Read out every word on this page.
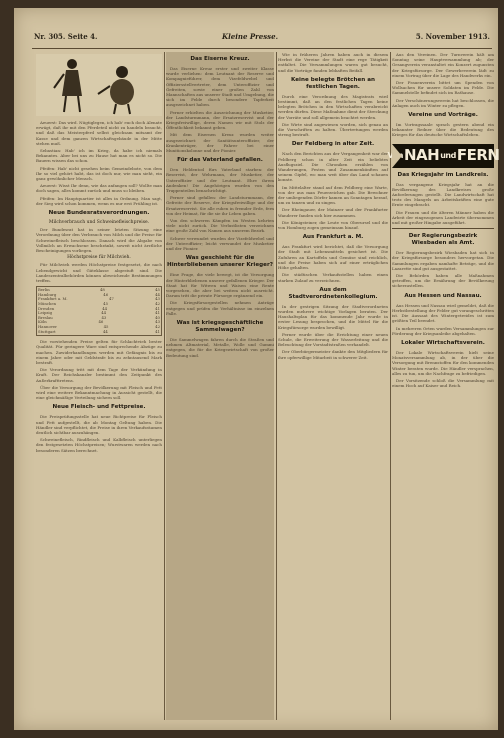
Nr. 305. Seite 4.	Kleine Presse.	5. November 1913.

Aeuerst: Das wird. Nügtiglegen, ich hab' euch doch Alenate erwägt, daß ihr mit den Pferdeteil nicht zu handeln braucht, und daß das Meisterpferd selbst gleichsam mitsamt der Kasse und dem ganzen Wirtschaftsgebäude in der Mitte stehen muß.

Sebastian: Hab' ich im Krieg, da habe ich niemals Bekanntes. Aber bei uns zu Hause hat man es nicht so. Die Bauern wissen das schon.

Pfeifen: Hab' nicht gesehen beim Gemeindebote, von dem Ihr so viel gehört habt, das ist doch nur, wie man sieht, ein ganz gewöhnlicher Mensch.

Aeuerst: Wisst Ihr denn, wie das anfangen soll? Wollte man doch sagen, alles kommt zurück und muss so bleiben.

Pfeifen: Im Hauptquartier ist alles in Ordnung. Man sagt, der Sieg wird schon kommen, wenn es nur erst Frühling ist.

Neue Bundesratsverordnungen.
Milchverbrauch und Schweinefleischpreise.

Der Bundesrat hat in seiner letzten Sitzung eine Verordnung über den Verbrauch von Milch und die Preise für Schweinefleisch beschlossen. Danach wird die Abgabe von Vollmilch an Erwachsene beschränkt, soweit nicht ärztliche Bescheinigungen vorliegen.

Höchstpreise für Milchvieh.

Für Milchvieh werden Höchstpreise festgesetzt, die nach Lebendgewicht und Güteklasse abgestuft sind. Die Landeszentralbehörden können abweichende Bestimmungen treffen.

Berlin	48	45
Hamburg	46	44
Frankfurt a. M.	47	43
München	45	42
Dresden	44	41
Leipzig	44	41
Breslau	43	40
Köln	46	43
Hannover	45	42
Stuttgart	44	41

Die vorstehenden Preise gelten für Schlachtvieh bester Qualität. Für geringere Ware sind entsprechende Abzüge zu machen. Zuwiderhandlungen werden mit Gefängnis bis zu einem Jahre oder mit Geldstrafe bis zu zehntausend Mark bestraft.

Die Verordnung tritt mit dem Tage der Verkündung in Kraft. Der Reichskanzler bestimmt den Zeitpunkt des Außerkrafttretens.

Über die Versorgung der Bevölkerung mit Fleisch und Fett wird eine weitere Bekanntmachung in Aussicht gestellt, die eine gleichmäßige Verteilung sichern soll.

Neue Fleisch- und Fettpreise.

Die Preisprüfungsstelle hat neue Richtpreise für Fleisch und Fett aufgestellt, die ab Montag Geltung haben. Die Händler sind verpflichtet, die Preise in ihren Verkaufsräumen deutlich sichtbar auszuhängen.

Schweinefleisch, Rindfleisch und Kalbfleisch unterliegen den festgesetzten Höchstpreisen; Wurstwaren werden nach besonderen Sätzen berechnet.

Das Eiserne Kreuz.

Das Eiserne Kreuz erster und zweiter Klasse wurde verliehen: dem Leutnant der Reserve und Kompagnieführer, dem Vizefeldwebel und Offiziersstellvertreter, dem Unteroffizier und Gefreiten, sowie einer großen Zahl von Mannschaften aus unserer Stadt und Umgebung, die sich im Felde durch besondere Tapferkeit ausgezeichnet haben.

Ferner erhielten die Auszeichnung der Musketier, der Landsturmmann, der Ersatzreservist und der Kriegsfreiwillige, deren Namen wir mit Stolz der Öffentlichkeit bekannt geben.

Mit dem Eisernen Kreuz wurden weiter ausgezeichnet: der Sanitätsunteroffizier, der Krankenträger, der Fahrer bei einer Munitionskolonne und der Pionier.

Für das Vaterland gefallen.

Den Heldentod fürs Vaterland starben: der Reservist, der Wehrmann, der Musketier, der Unteroffizier und der Leutnant. Ehre ihrem Andenken! Die Angehörigen wurden von den Truppenteilen benachrichtigt.

Ferner sind gefallen: der Landsturmmann, der Gefreite der Reserve, der Kriegsfreiwillige und der Ersatzreservist. Sie alle ruhen in fremder Erde, fern von der Heimat, für die sie ihr Leben gaben.

Von den schweren Kämpfen im Westen kehrten viele nicht zurück. Die Verlustlisten verzeichnen eine große Zahl von Namen aus unserem Bezirk.

Schwer verwundet wurden der Vizefeldwebel und der Unteroffizier; leicht verwundet der Musketier und der Pionier.

Was geschieht für die Hinterbliebenen unserer Krieger?

Eine Frage, die viele bewegt, ist die Versorgung der Hinterbliebenen unserer gefallenen Krieger. Der Staat hat für Witwen und Waisen eine Rente vorgesehen, die aber bei weitem nicht ausreicht. Darum tritt die private Fürsorge ergänzend ein.

Die Kriegsfürsorgestellen nehmen Anträge entgegen und prüfen die Verhältnisse im einzelnen Falle.

Was ist kriegsgeschäftliche Sammelwagen?

Die Sammelwagen fahren durch die Straßen und nehmen Altmaterial, Metalle, Wolle und Gummi entgegen, die für die Kriegswirtschaft von großer Bedeutung sind.

Wie in früheren Jahren haben auch in diesem Herbst die Vereine der Stadt eine rege Tätigkeit entfaltet. Die Versammlungen waren gut besucht, und die Vorträge fanden lebhaften Beifall.

Keine belegte Brötchen an festlichen Tagen.

Durch eine Verordnung des Magistrats wird bestimmt, daß an den festlichen Tagen keine belegten Brötchen in den Wirtschaften verabreicht werden dürfen. Diese Maßnahme dient der Streckung der Vorräte und soll allgemein beachtet werden.

Die Wirte sind angewiesen worden, sich genau an die Vorschriften zu halten. Übertretungen werden streng bestraft.

Der Feldberg in alter Zeit.

Nach den Berichten aus der Vergangenheit war der Feldberg schon in alter Zeit ein beliebtes Ausflugsziel. Die Chroniken erzählen von Wanderungen, Festen und Zusammenkünften auf seinem Gipfel, wo man weit über das Land schauen konnte.

Im Mittelalter stand auf dem Feldberg eine Warte, von der aus man Feuerzeichen gab. Die Bewohner der umliegenden Dörfer kamen an Sonntagen herauf, um zu tanzen und zu singen.

Der Rheingauer, der Mainzer und der Frankfurter Wanderer fanden sich hier zusammen.

Die Königsteiner, die Leute von Oberursel und die von Homburg zogen gemeinsam hinauf.

Aus Frankfurt a. M.

Aus Frankfurt wird berichtet, daß die Versorgung der Stadt mit Lebensmitteln gesichert ist. Die Zufuhren an Kartoffeln und Gemüse sind reichlich, und die Preise haben sich auf einer erträglichen Höhe gehalten.

Die städtischen Verkaufsstellen haben einen starken Zulauf zu verzeichnen.

Aus dem Stadtverordnetenkollegium.

In der gestrigen Sitzung der Stadtverordneten wurden mehrere wichtige Vorlagen beraten. Der Haushaltsplan für das kommende Jahr wurde in erster Lesung besprochen, und die Mittel für die Kriegsfürsorge wurden bewilligt.

Ferner wurde über die Errichtung einer neuen Schule, die Erweiterung der Wasserleitung und die Beleuchtung der Vorstadtstraßen verhandelt.

Der Oberbürgermeister dankte den Mitgliedern für ihre opferwillige Mitarbeit in schwerer Zeit.

Aus den Vereinen. Der Turnverein hält am Sonntag seine Hauptversammlung ab; der Gesangverein veranstaltet ein Konzert zugunsten der Kriegsfürsorge. Der Gewerbeverein lädt zu einem Vortrag über die Lage des Handwerks ein.

Der Frauenverein bittet um Spenden von Wollsachen für unsere Soldaten im Felde. Die Sammelstelle befindet sich im Rathause.

Der Verschönerungsverein hat beschlossen, die Anlagen auch im Winter zu pflegen.

Vereine und Vorträge.

Im Vortragssaale sprach gestern abend ein bekannter Redner über die Bedeutung des Krieges für das deutsche Wirtschaftsleben.

Von NAH und FERN
Das Kriegsjahr im Landkreis.

Das vergangene Kriegsjahr hat an die Bevölkerung des Landkreises große Anforderungen gestellt. Die Landwirtschaft hat trotz des Mangels an Arbeitskräften eine gute Ernte eingebracht.

Die Frauen und die älteren Männer haben die Arbeit der eingezogenen Landwirte übernommen und mit großer Hingabe ausgeführt.

Der Regierungsbezirk Wiesbaden als Amt.

Der Regierungsbezirk Wiesbaden hat sich in der Kriegsfürsorge besonders hervorgetan. Die Sammlungen ergaben namhafte Beträge, und die Lazarette sind gut ausgestattet.

Die Behörden haben alle Maßnahmen getroffen, um die Ernährung der Bevölkerung sicherzustellen.

Aus Hessen und Nassau.

Aus Hessen und Nassau wird gemeldet, daß die Herbstbestellung der Felder gut vorangeschritten ist. Die Aussaat des Wintergetreides ist zum größten Teil beendet.

In mehreren Orten wurden Versammlungen zur Förderung der Kriegsanleihe abgehalten.

Lokaler Wirtschaftsverein.

Der Lokale Wirtschaftsverein hielt seine Monatsversammlung ab, in der über die Versorgung mit Brennstoffen für den kommenden Winter beraten wurde. Die Händler versprachen, alles zu tun, um die Nachfrage zu befriedigen.

Der Vorsitzende schloß die Versammlung mit einem Hoch auf Kaiser und Reich.
